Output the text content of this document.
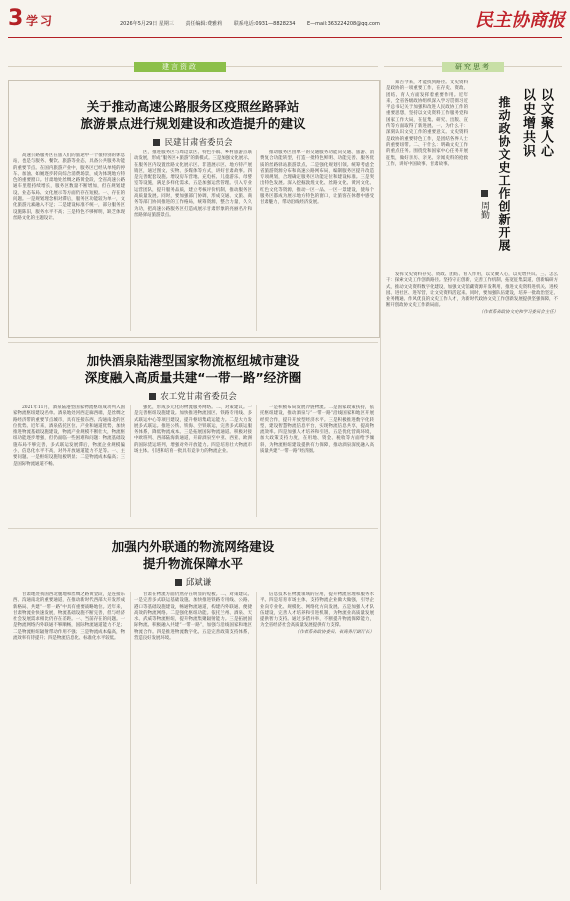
3 学习	2026年5月29日 星期三 责任编辑:费雅莉 联系电话:0931—8828234 E—mail:363224208@qq.com	民主协商报
建言资政	研究思考
关于推动高速公路服务区疫照丝路驿站
旅游景点进行规划建设和改造提升的建议
民建甘肃省委员会

高速公路服务区在旅人们的旅途中一个很特别的休息站，也是与服务、餐饮、旅游等业态，具备公共服务功能的重要节点。在国内旅游产业中，服务区已经从单纯的停车、加油、如厕逐步转向综合消费场景，成为体现地方特色的重要窗口。甘肃地处丝绸之路黄金段，全省高速公路通车里程持续增长，服务区数量不断增加，但在规划建设、业态布局、文化展示等方面仍存在短板。一、存在的问题。一是规划理念相对滞后，服务区功能较为单一，文化旅游元素融入不足；二是建设标准不统一，部分服务区设施陈旧，服务水平不高；三是特色不够鲜明，缺乏体现丝路文化的主题设计。

区，推进服务区与周边景区、特色小镇、乡村旅游点联动发展，形成“服务区+旅游”的新模式。三是加强文化展示。在服务区内设置丝路文化展示区、非遗展示区、地方特产展销区，通过图文、实物、多媒体等方式，讲好甘肃故事。四是完善配套设施。增设房车营地、充电桩、儿童游乐、母婴室等设施，满足多样化需求。五是加强运营管理。引入专业运营团队，提升服务品质，建立考核评价机制，推动服务区高质量发展。同时，要加强部门协调，形成交通、文旅、商务等部门协同推进的工作格局，统筹资源，整合力量，久久为功，把高速公路服务区打造成展示甘肃形象的亮丽名片和丝路驿站旅游景点。

推动服务区由单一的交通服务功能向交通、旅游、消费复合功能转型，打造一批特色鲜明、功能完善、服务优质的丝路驿站旅游景点。二是强化规划引领。统筹考虑全省旅游资源分布和高速公路网布局，编制服务区提升改造专项规划，合理确定服务区功能定位和建设标准。三是突出特色发展。深入挖掘敦煌文化、丝路文化、黄河文化、红色文化等资源，推动一区一品、一区一景建设，使每个服务区都成为展示地方特色的窗口，让旅客在休憩中感受甘肃魅力，带动沿线经济发展。

加快酒泉陆港型国家物流枢纽城市建设
深度融入高质量共建“一带一路”经济圈
农工党甘肃省委员会

2021年11月，酒泉陆港型国家物流枢纽成功列入国家物流枢纽建设名单。酒泉地处河西走廊西端，是丝绸之路经济带的重要节点城市，具有连接东西、沟通南北的区位优势。近年来，酒泉依托区位、产业和通道优势，加快推进物流基础设施建设，物流产业规模不断壮大，物流枢纽功能逐步增强，但仍面临一些困难和问题：物流基础设施布局不够完善，多式联运发展滞后，物流企业规模偏小，信息化水平不高，对外开放通道能力不足等。一、主要问题。一是枢纽设施短板明显；二是物流成本偏高；三是国际物流通道不畅。

强化，形成多元化的物流服务网络。二、对策建议。一是完善枢纽设施建设。加快推进物流园区、铁路专用线、多式联运中心等项目建设，提升枢纽集疏运能力。二是大力发展多式联运。推进公铁、铁海、空铁联运，完善多式联运服务体系，降低物流成本。三是拓展国际物流通道。积极对接中欧班列、西部陆海新通道，开辟酒泉至中亚、西亚、欧洲的国际货运班列，增强对外开放能力。四是培育壮大物流市场主体。引进和培育一批具有竞争力的物流企业。

一是积极布局发展冷链物流。二是国家政策扶持，依托枢纽建设，推动酒泉与“一带一路”沿线国家和地区开展经贸合作，提升开放型经济水平。三是积极推进数字化转型，建设智慧物流信息平台，实现物流信息共享，提高物流效率。四是加强人才培养和引进。五是优化营商环境，加大政策支持力度，在用地、资金、税收等方面给予倾斜，为物流枢纽建设提供有力保障，推动酒泉深度融入高质量共建“一带一路”经济圈。

加强内外联通的物流网络建设
提升物流保障水平
邱斌谦

甘肃地处我国西北腹地和丝绸之路黄金段，是连接东西、沟通南北的重要通道，在推动新时代西部大开发形成新格局、共建“一带一路”中具有重要战略地位。近年来，甘肃物流业快速发展，物流基础设施不断完善，但与经济社会发展需求相比仍存在差距。一、当前存在的问题。一是物流网络内外联通不够顺畅，国际物流通道能力不足；二是物流枢纽辐射带动作用不强；三是物流成本偏高，物流效率有待提升；四是物流信息化、标准化水平较低。

甘肃在物流方面仍然存在明显的短板。二、对策建议。一是完善多式联运基础设施。加快推进铁路专用线、公路、港口等基础设施建设，畅通物流通道，构建内外联通、便捷高效的物流网络。二是强化枢纽功能。依托兰州、酒泉、天水、武威等物流枢纽，提升物流集聚辐射能力。三是拓展国际物流。积极融入共建“一带一路”，加强与沿线国家和地区物流合作。四是推进物流数字化。五是完善政策支持体系，营造良好发展环境。

信息技术在物流领域的应用，提升物流管理和服务水平。四是培育市场主体，支持物流企业做大做强，引导企业向专业化、规模化、网络化方向发展。五是加强人才队伍建设，完善人才培养和引进机制，为物流业高质量发展提供智力支持。通过多措并举，不断提升物流保障能力，为全省经济社会高质量发展提供有力支撑。

（作者系省政协委员、省商务厅副厅长）

以文聚人心
以史增共识
推动政协文史工作创新开展
周勤

知古今来，才能找到路径。文史资料是政协的一项重要工作，在存史、资政、团结、育人方面发挥着重要作用。近年来，全省各级政协组织深入学习贯彻习近平总书记关于加强和改进人民政协工作的重要思想，坚持以文史资料工作服务党和国家工作大局，在征集、研究、出版、宣传等方面取得了新进展。一、为什么干：深刻认识文史工作的重要意义。文史资料是政协的重要特色工作，是团结各界人士的重要纽带。二、干什么：明确文史工作的重点任务。围绕党和国家中心任务开展征集，做好亲历、亲见、亲闻史料的抢救工作，讲好中国故事、甘肃故事。

发挥文史资料存史、资政、团结、育人作用，以文聚人心，以史增共识。三、怎么干：探索文史工作创新路径。坚持守正创新，完善工作机制，拓宽征集渠道，创新编研方式，推动文史资料数字化建设，加强文史馆藏资源开发利用，推进文史资料进机关、进校园、进社区、进军营，让文史资料活起来。同时，要加强队伍建设，培养一批政治坚定、业务精通、作风优良的文史工作人才，为新时代政协文史工作创新发展提供坚强保障，不断开创政协文史工作新局面。

（作者系省政协文史和学习委员会主任）
